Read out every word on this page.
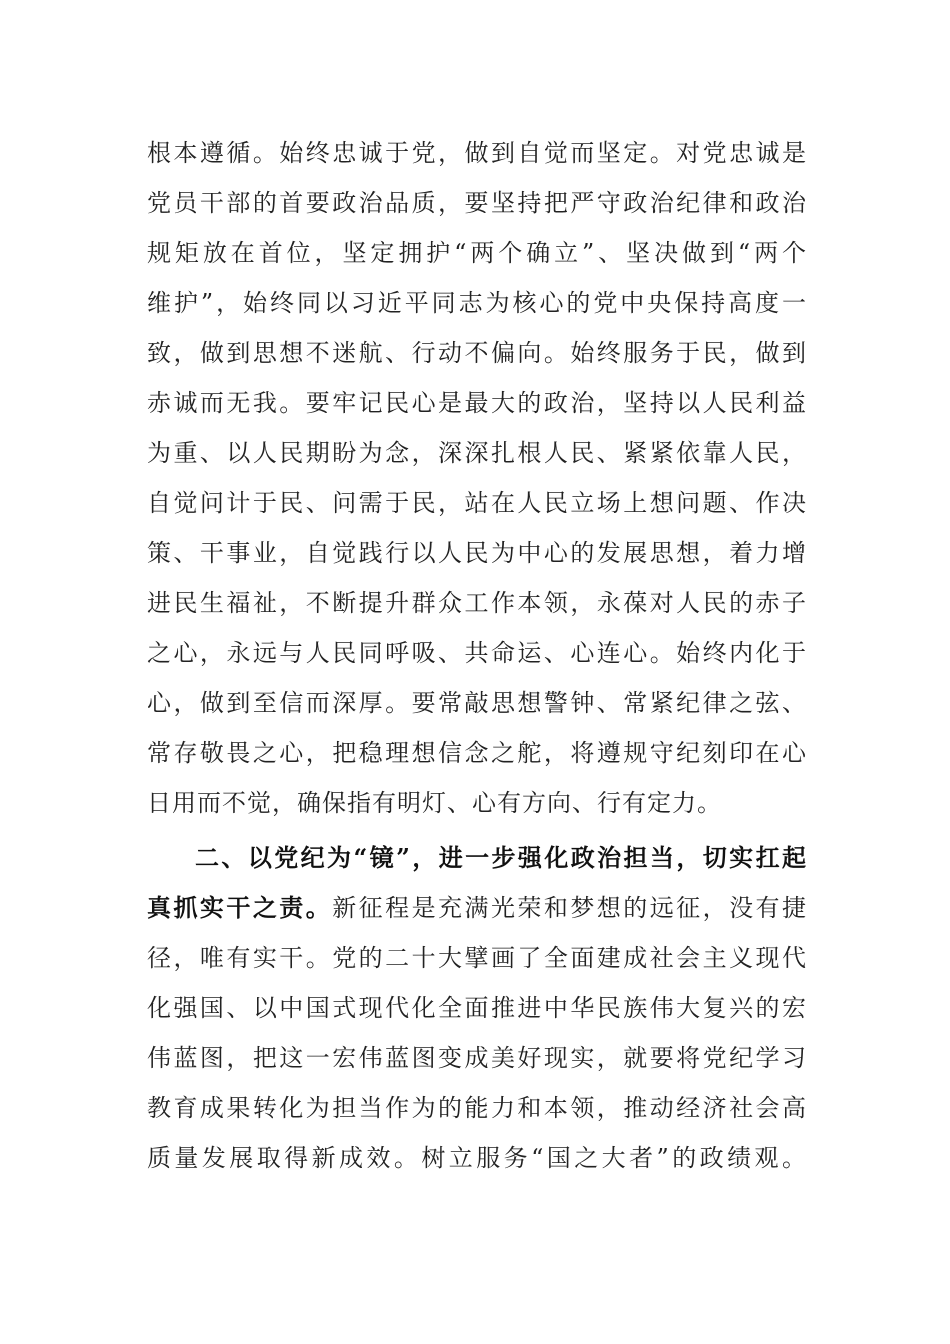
根本遵循。始终忠诚于党，做到自觉而坚定。对党忠诚是
党员干部的首要政治品质，要坚持把严守政治纪律和政治
规矩放在首位，坚定拥护“两个确立”、坚决做到“两个
维护”，始终同以习近平同志为核心的党中央保持高度一
致，做到思想不迷航、行动不偏向。始终服务于民，做到
赤诚而无我。要牢记民心是最大的政治，坚持以人民利益
为重、以人民期盼为念，深深扎根人民、紧紧依靠人民，
自觉问计于民、问需于民，站在人民立场上想问题、作决
策、干事业，自觉践行以人民为中心的发展思想，着力增
进民生福祉，不断提升群众工作本领，永葆对人民的赤子
之心，永远与人民同呼吸、共命运、心连心。始终内化于
心，做到至信而深厚。要常敲思想警钟、常紧纪律之弦、
常存敬畏之心，把稳理想信念之舵，将遵规守纪刻印在心
日用而不觉，确保指有明灯、心有方向、行有定力。
二、以党纪为“镜”，进一步强化政治担当，切实扛起
真抓实干之责。新征程是充满光荣和梦想的远征，没有捷
径，唯有实干。党的二十大擘画了全面建成社会主义现代
化强国、以中国式现代化全面推进中华民族伟大复兴的宏
伟蓝图，把这一宏伟蓝图变成美好现实，就要将党纪学习
教育成果转化为担当作为的能力和本领，推动经济社会高
质量发展取得新成效。树立服务“国之大者”的政绩观。
